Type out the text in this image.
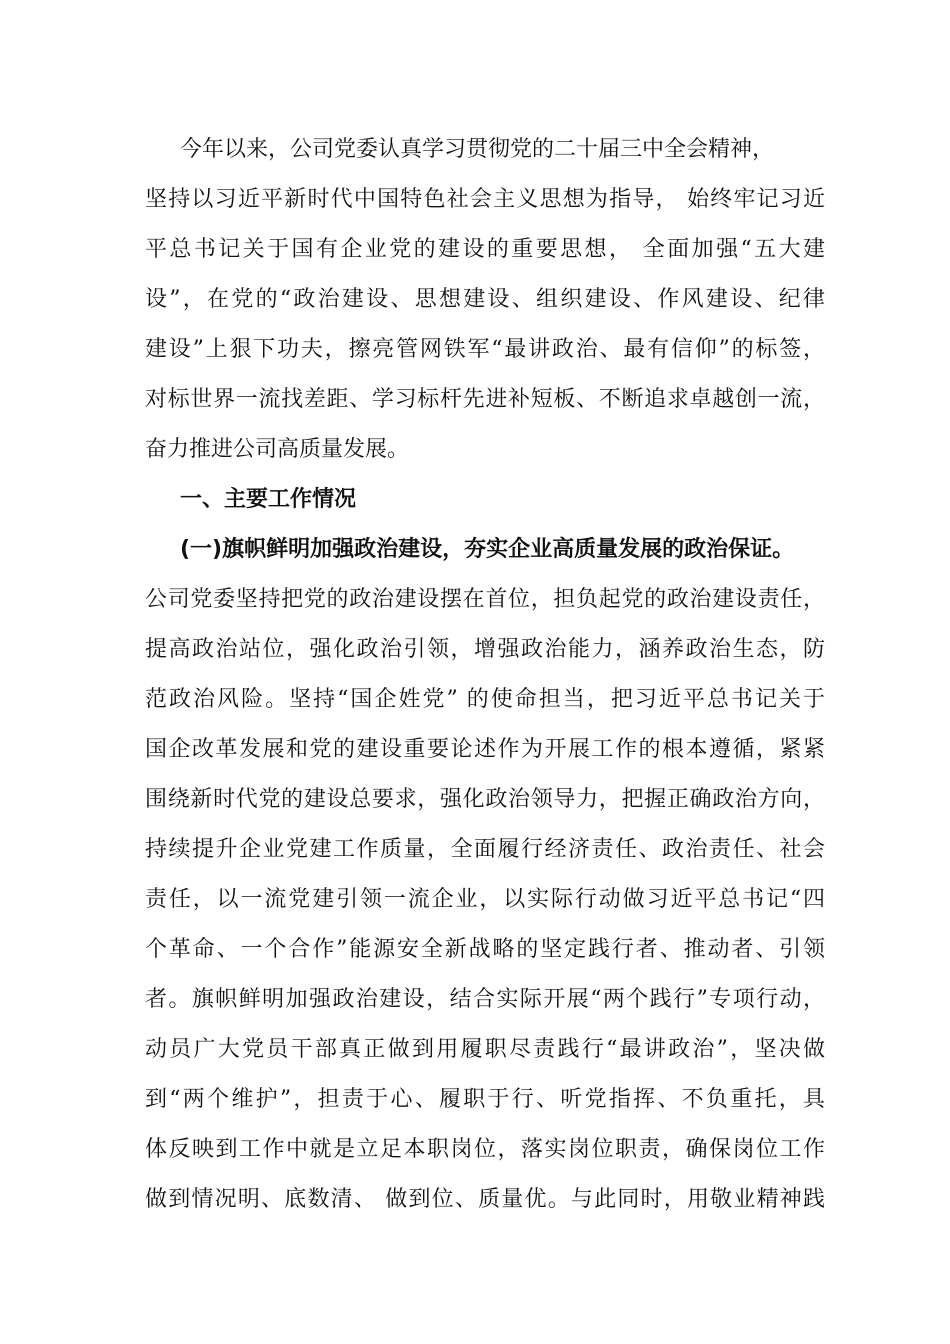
今年以来，公司党委认真学习贯彻党的二十届三中全会精神，
坚持以习近平新时代中国特色社会主义思想为指导， 始终牢记习近
平总书记关于国有企业党的建设的重要思想， 全面加强“五大建
设”，在党的“政治建设、思想建设、组织建设、作风建设、纪律
建设”上狠下功夫，擦亮管网铁军“最讲政治、最有信仰”的标签，
对标世界一流找差距、学习标杆先进补短板、不断追求卓越创一流，
奋力推进公司高质量发展。
一、主要工作情况
(一)旗帜鲜明加强政治建设，夯实企业高质量发展的政治保证。
公司党委坚持把党的政治建设摆在首位，担负起党的政治建设责任，
提高政治站位，强化政治引领，增强政治能力，涵养政治生态，防
范政治风险。坚持“国企姓党” 的使命担当，把习近平总书记关于
国企改革发展和党的建设重要论述作为开展工作的根本遵循，紧紧
围绕新时代党的建设总要求，强化政治领导力，把握正确政治方向，
持续提升企业党建工作质量，全面履行经济责任、政治责任、社会
责任，以一流党建引领一流企业，以实际行动做习近平总书记“四
个革命、一个合作”能源安全新战略的坚定践行者、推动者、引领
者。旗帜鲜明加强政治建设，结合实际开展“两个践行”专项行动，
动员广大党员干部真正做到用履职尽责践行“最讲政治”，坚决做
到“两个维护”，担责于心、履职于行、听党指挥、不负重托，具
体反映到工作中就是立足本职岗位，落实岗位职责，确保岗位工作
做到情况明、底数清、 做到位、质量优。与此同时，用敬业精神践
